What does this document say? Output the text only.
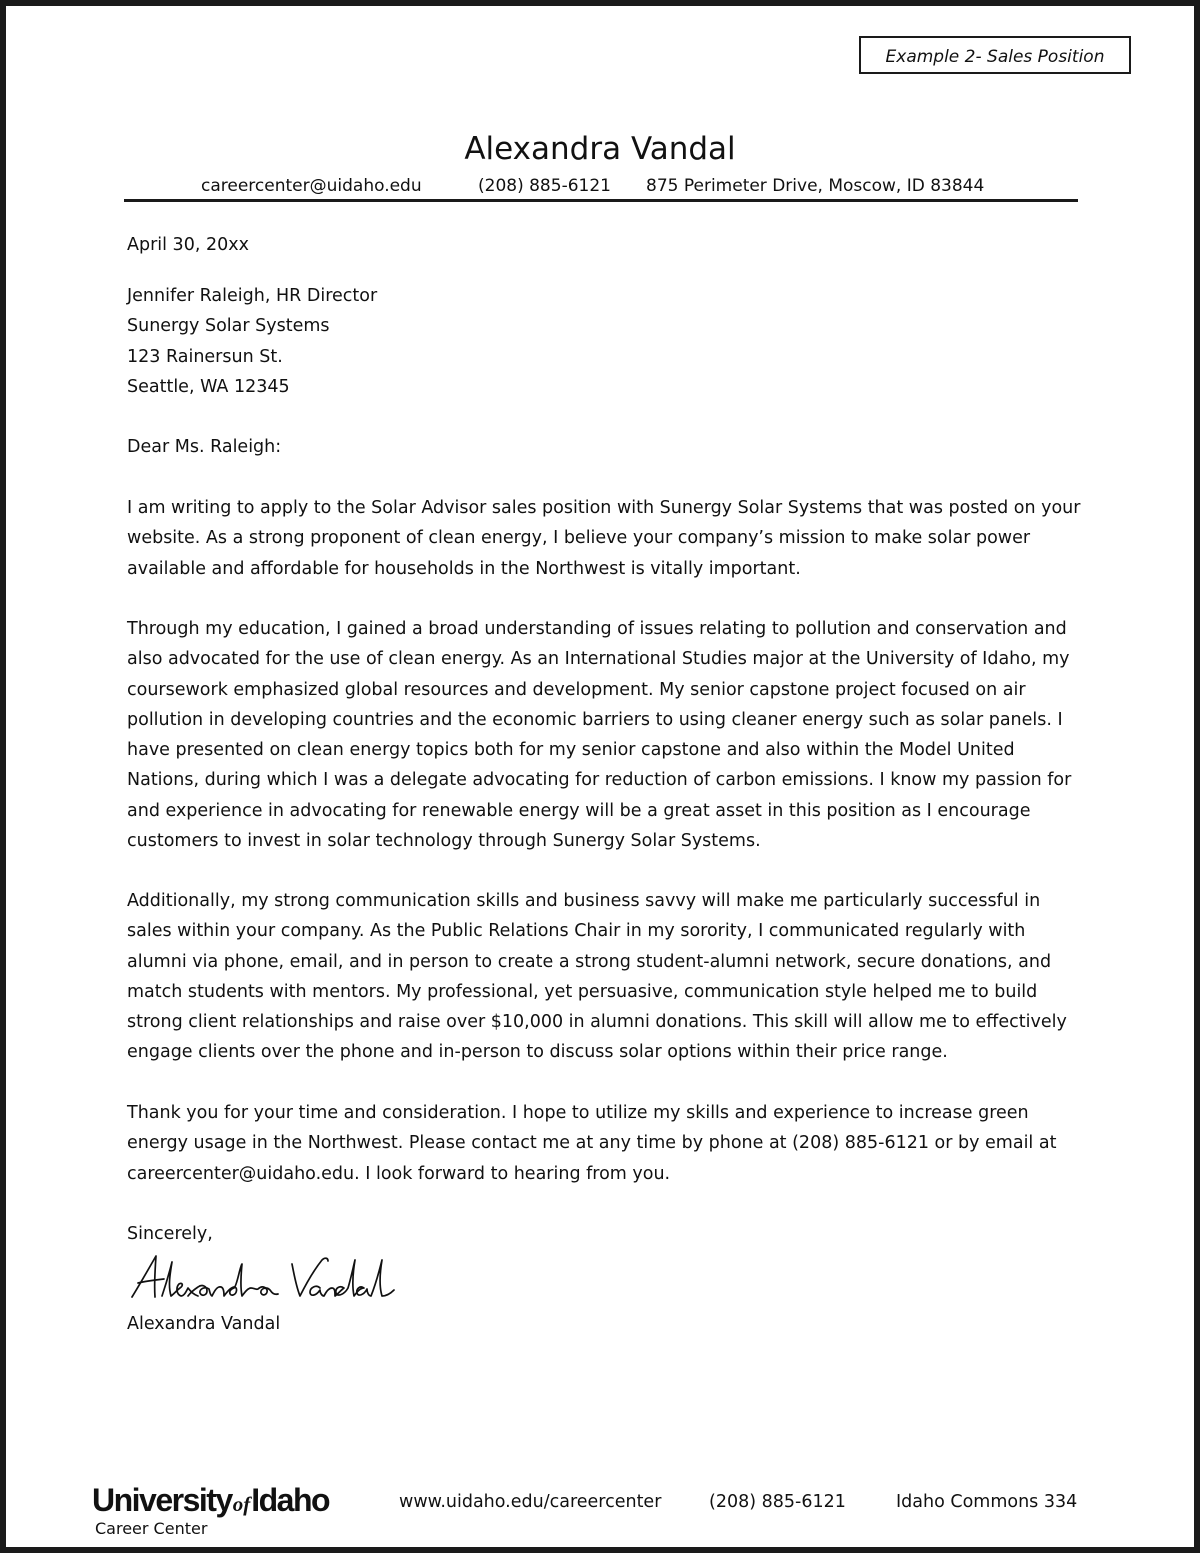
Example 2- Sales Position
Alexandra Vandal
careercenter@uidaho.edu	(208) 885-6121 875 Perimeter Drive, Moscow, ID 83844
April 30, 20xx

Jennifer Raleigh, HR Director

Sunergy Solar Systems

123 Rainersun St.

Seattle, WA 12345

Dear Ms. Raleigh:

I am writing to apply to the Solar Advisor sales position with Sunergy Solar Systems that was posted on your

website. As a strong proponent of clean energy, I believe your company’s mission to make solar power

available and affordable for households in the Northwest is vitally important.

Through my education, I gained a broad understanding of issues relating to pollution and conservation and

also advocated for the use of clean energy. As an International Studies major at the University of Idaho, my

coursework emphasized global resources and development. My senior capstone project focused on air

pollution in developing countries and the economic barriers to using cleaner energy such as solar panels. I

have presented on clean energy topics both for my senior capstone and also within the Model United

Nations, during which I was a delegate advocating for reduction of carbon emissions. I know my passion for

and experience in advocating for renewable energy will be a great asset in this position as I encourage

customers to invest in solar technology through Sunergy Solar Systems.

Additionally, my strong communication skills and business savvy will make me particularly successful in

sales within your company. As the Public Relations Chair in my sorority, I communicated regularly with

alumni via phone, email, and in person to create a strong student-alumni network, secure donations, and

match students with mentors. My professional, yet persuasive, communication style helped me to build

strong client relationships and raise over $10,000 in alumni donations. This skill will allow me to effectively

engage clients over the phone and in-person to discuss solar options within their price range.

Thank you for your time and consideration. I hope to utilize my skills and experience to increase green

energy usage in the Northwest. Please contact me at any time by phone at (208) 885-6121 or by email at

careercenter@uidaho.edu. I look forward to hearing from you.

Sincerely,
Alexandra Vandal
UniversityofIdaho
Career Center
www.uidaho.edu/careercenter	(208) 885-6121	Idaho Commons 334
